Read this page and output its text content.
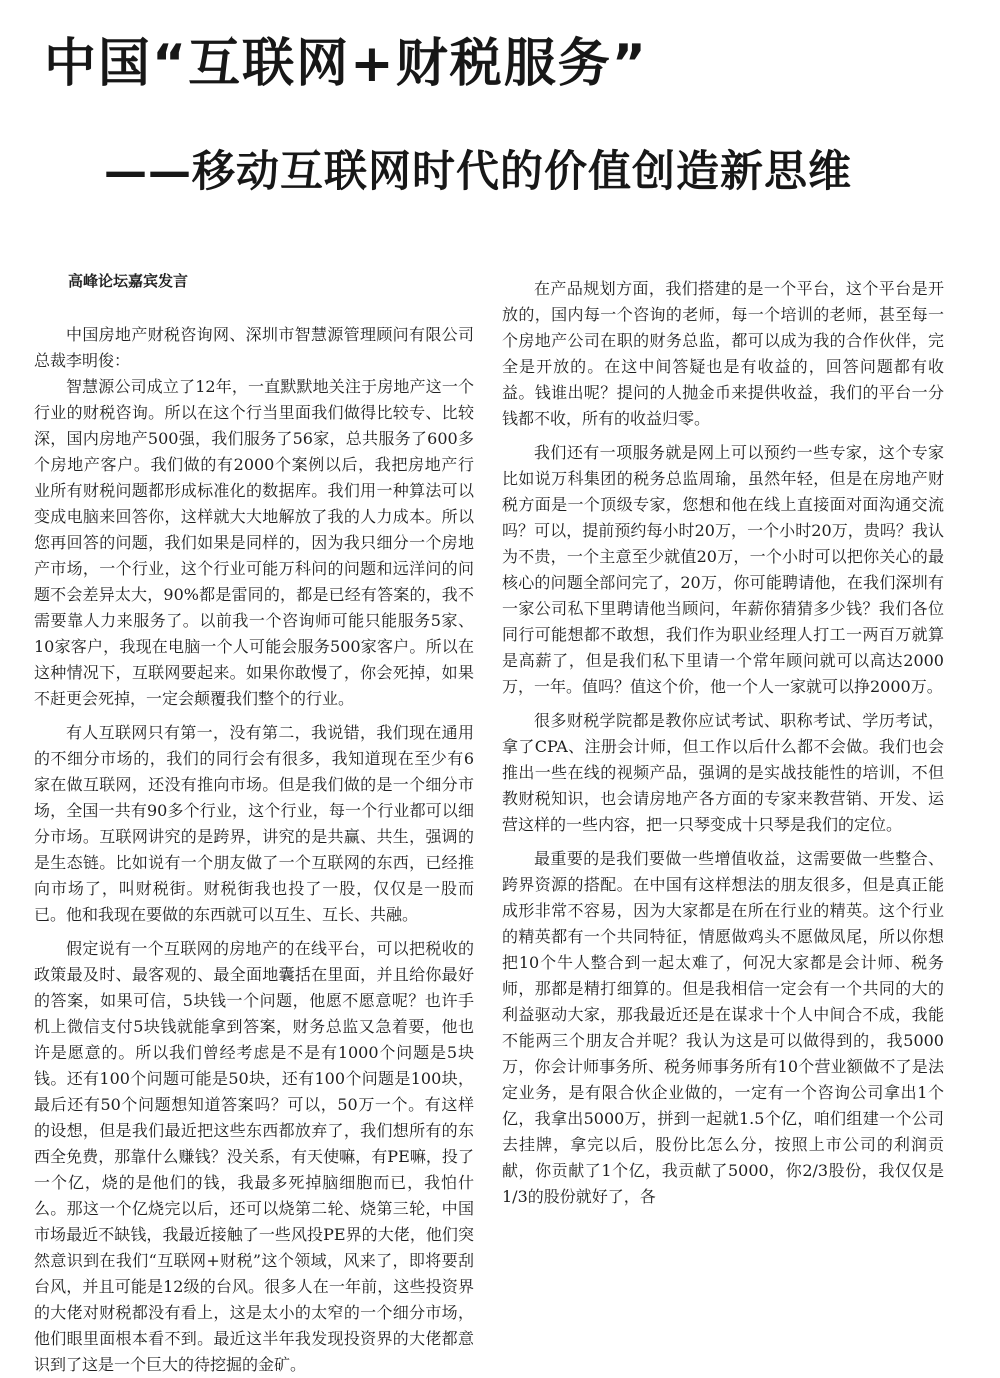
中国“互联网+财税服务”
——移动互联网时代的价值创造新思维

高峰论坛嘉宾发言

中国房地产财税咨询网、深圳市智慧源管理顾问有限公司总裁李明俊：

智慧源公司成立了12年，一直默默地关注于房地产这一个行业的财税咨询。所以在这个行当里面我们做得比较专、比较深，国内房地产500强，我们服务了56家，总共服务了600多个房地产客户。我们做的有2000个案例以后，我把房地产行业所有财税问题都形成标准化的数据库。我们用一种算法可以变成电脑来回答你，这样就大大地解放了我的人力成本。所以您再回答的问题，我们如果是同样的，因为我只细分一个房地产市场，一个行业，这个行业可能万科问的问题和远洋问的问题不会差异太大，90%都是雷同的，都是已经有答案的，我不需要靠人力来服务了。以前我一个咨询师可能只能服务5家、10家客户，我现在电脑一个人可能会服务500家客户。所以在这种情况下，互联网要起来。如果你敢慢了，你会死掉，如果不赶更会死掉，一定会颠覆我们整个的行业。

有人互联网只有第一，没有第二，我说错，我们现在通用的不细分市场的，我们的同行会有很多，我知道现在至少有6家在做互联网，还没有推向市场。但是我们做的是一个细分市场，全国一共有90多个行业，这个行业，每一个行业都可以细分市场。互联网讲究的是跨界，讲究的是共赢、共生，强调的是生态链。比如说有一个朋友做了一个互联网的东西，已经推向市场了，叫财税街。财税街我也投了一股，仅仅是一股而已。他和我现在要做的东西就可以互生、互长、共融。

假定说有一个互联网的房地产的在线平台，可以把税收的政策最及时、最客观的、最全面地囊括在里面，并且给你最好的答案，如果可信，5块钱一个问题，他愿不愿意呢？也许手机上微信支付5块钱就能拿到答案，财务总监又急着要，他也许是愿意的。所以我们曾经考虑是不是有1000个问题是5块钱。还有100个问题可能是50块，还有100个问题是100块，最后还有50个问题想知道答案吗？可以，50万一个。有这样的设想，但是我们最近把这些东西都放弃了，我们想所有的东西全免费，那靠什么赚钱？没关系，有天使嘛，有PE嘛，投了一个亿，烧的是他们的钱，我最多死掉脑细胞而已，我怕什么。那这一个亿烧完以后，还可以烧第二轮、烧第三轮，中国市场最近不缺钱，我最近接触了一些风投PE界的大佬，他们突然意识到在我们“互联网+财税”这个领域，风来了，即将要刮台风，并且可能是12级的台风。很多人在一年前，这些投资界的大佬对财税都没有看上，这是太小的太窄的一个细分市场，他们眼里面根本看不到。最近这半年我发现投资界的大佬都意识到了这是一个巨大的待挖掘的金矿。

在产品规划方面，我们搭建的是一个平台，这个平台是开放的，国内每一个咨询的老师，每一个培训的老师，甚至每一个房地产公司在职的财务总监，都可以成为我的合作伙伴，完全是开放的。在这中间答疑也是有收益的，回答问题都有收益。钱谁出呢？提问的人抛金币来提供收益，我们的平台一分钱都不收，所有的收益归零。

我们还有一项服务就是网上可以预约一些专家，这个专家比如说万科集团的税务总监周瑜，虽然年轻，但是在房地产财税方面是一个顶级专家，您想和他在线上直接面对面沟通交流吗？可以，提前预约每小时20万，一个小时20万，贵吗？我认为不贵，一个主意至少就值20万，一个小时可以把你关心的最核心的问题全部问完了，20万，你可能聘请他，在我们深圳有一家公司私下里聘请他当顾问，年薪你猜猜多少钱？我们各位同行可能想都不敢想，我们作为职业经理人打工一两百万就算是高薪了，但是我们私下里请一个常年顾问就可以高达2000万，一年。值吗？值这个价，他一个人一家就可以挣2000万。

很多财税学院都是教你应试考试、职称考试、学历考试，拿了CPA、注册会计师，但工作以后什么都不会做。我们也会推出一些在线的视频产品，强调的是实战技能性的培训，不但教财税知识，也会请房地产各方面的专家来教营销、开发、运营这样的一些内容，把一只琴变成十只琴是我们的定位。

最重要的是我们要做一些增值收益，这需要做一些整合、跨界资源的搭配。在中国有这样想法的朋友很多，但是真正能成形非常不容易，因为大家都是在所在行业的精英。这个行业的精英都有一个共同特征，情愿做鸡头不愿做凤尾，所以你想把10个牛人整合到一起太难了，何况大家都是会计师、税务师，那都是精打细算的。但是我相信一定会有一个共同的大的利益驱动大家，那我最近还是在谋求十个人中间合不成，我能不能两三个朋友合并呢？我认为这是可以做得到的，我5000万，你会计师事务所、税务师事务所有10个营业额做不了是法定业务，是有限合伙企业做的，一定有一个咨询公司拿出1个亿，我拿出5000万，拼到一起就1.5个亿，咱们组建一个公司去挂牌，拿完以后，股份比怎么分，按照上市公司的利润贡献，你贡献了1个亿，我贡献了5000，你2/3股份，我仅仅是1/3的股份就好了，各
